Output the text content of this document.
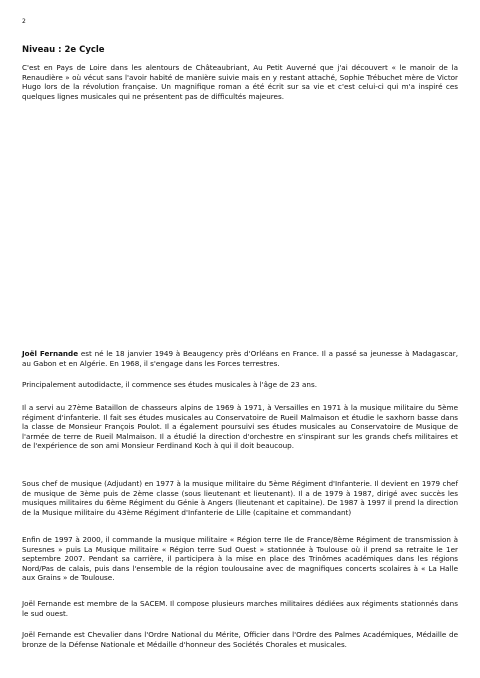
2
Niveau : 2e Cycle

C'est en Pays de Loire dans les alentours de Châteaubriant, Au Petit Auverné que j'ai découvert « le manoir de la Renaudière » où vécut sans l'avoir habité de manière suivie mais en y restant attaché, Sophie Trébuchet mère de Victor Hugo lors de la révolution française. Un magnifique roman a été écrit sur sa vie et c'est celui-ci qui m'a inspiré ces quelques lignes musicales qui ne présentent pas de difficultés majeures.

Joël Fernande est né le 18 janvier 1949 à Beaugency près d'Orléans en France. Il a passé sa jeunesse à Madagascar, au Gabon et en Algérie. En 1968, il s'engage dans les Forces terrestres.

Principalement autodidacte, il commence ses études musicales à l'âge de 23 ans.

Il a servi au 27ème Bataillon de chasseurs alpins de 1969 à 1971, à Versailles en 1971 à la musique militaire du 5ème régiment d'infanterie. Il fait ses études musicales au Conservatoire de Rueil Malmaison et étudie le saxhorn basse dans la classe de Monsieur François Poulot. Il a également poursuivi ses études musicales au Conservatoire de Musique de l'armée de terre de Rueil Malmaison. Il a étudié la direction d'orchestre en s'inspirant sur les grands chefs militaires et de l'expérience de son ami Monsieur Ferdinand Koch à qui il doit beaucoup.

Sous chef de musique (Adjudant) en 1977 à la musique militaire du 5ème Régiment d'Infanterie. Il devient en 1979 chef de musique de 3ème puis de 2ème classe (sous lieutenant et lieutenant). Il a de 1979 à 1987, dirigé avec succès les musiques militaires du 6ème Régiment du Génie à Angers (lieutenant et capitaine). De 1987 à 1997 il prend la direction de la Musique militaire du 43ème Régiment d'Infanterie de Lille (capitaine et commandant)

Enfin de 1997 à 2000, il commande la musique militaire « Région terre Ile de France/8ème Régiment de transmission à Suresnes » puis La Musique militaire « Région terre Sud Ouest » stationnée à Toulouse où il prend sa retraite le 1er septembre 2007. Pendant sa carrière, il participera à la mise en place des Trinômes académiques dans les régions Nord/Pas de calais, puis dans l'ensemble de la région toulousaine avec de magnifiques concerts scolaires à « La Halle aux Grains » de Toulouse.

Joël Fernande est membre de la SACEM. Il compose plusieurs marches militaires dédiées aux régiments stationnés dans le sud ouest.

Joël Fernande est Chevalier dans l'Ordre National du Mérite, Officier dans l'Ordre des Palmes Académiques, Médaille de bronze de la Défense Nationale et Médaille d'honneur des Sociétés Chorales et musicales.
